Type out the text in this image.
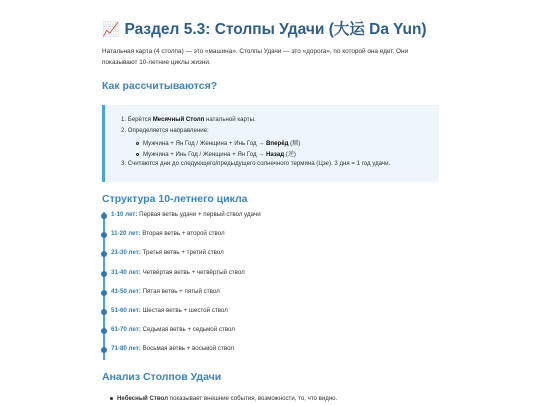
📈 Раздел 5.3: Столпы Удачи (大运 Da Yun)
Натальная карта (4 столпа) — это «машина». Столпы Удачи — это «дорога», по которой она едет. Они показывают 10-летние циклы жизни.
Как рассчитываются?
1. Берётся Месячный Столп натальной карты.
2. Определяется направление:
Мужчина + Ян Год / Женщина + Инь Год → Вперёд (顺)
Мужчина + Инь Год / Женщина + Ян Год → Назад (逆)
3. Считаются дни до следующего/предыдущего солнечного термина (Цзе). 3 дня = 1 год удачи.
Структура 10-летнего цикла
1-10 лет: Первая ветвь удачи + первый ствол удачи
11-20 лет: Вторая ветвь + второй ствол
21-30 лет: Третья ветвь + третий ствол
31-40 лет: Четвёртая ветвь + четвёртый ствол
41-50 лет: Пятая ветвь + пятый ствол
51-60 лет: Шестая ветвь + шестой ствол
61-70 лет: Седьмая ветвь + седьмой ствол
71-80 лет: Восьмая ветвь + восьмой ствол
Анализ Столпов Удачи
Небесный Ствол показывает внешние события, возможности, то, что видно.
